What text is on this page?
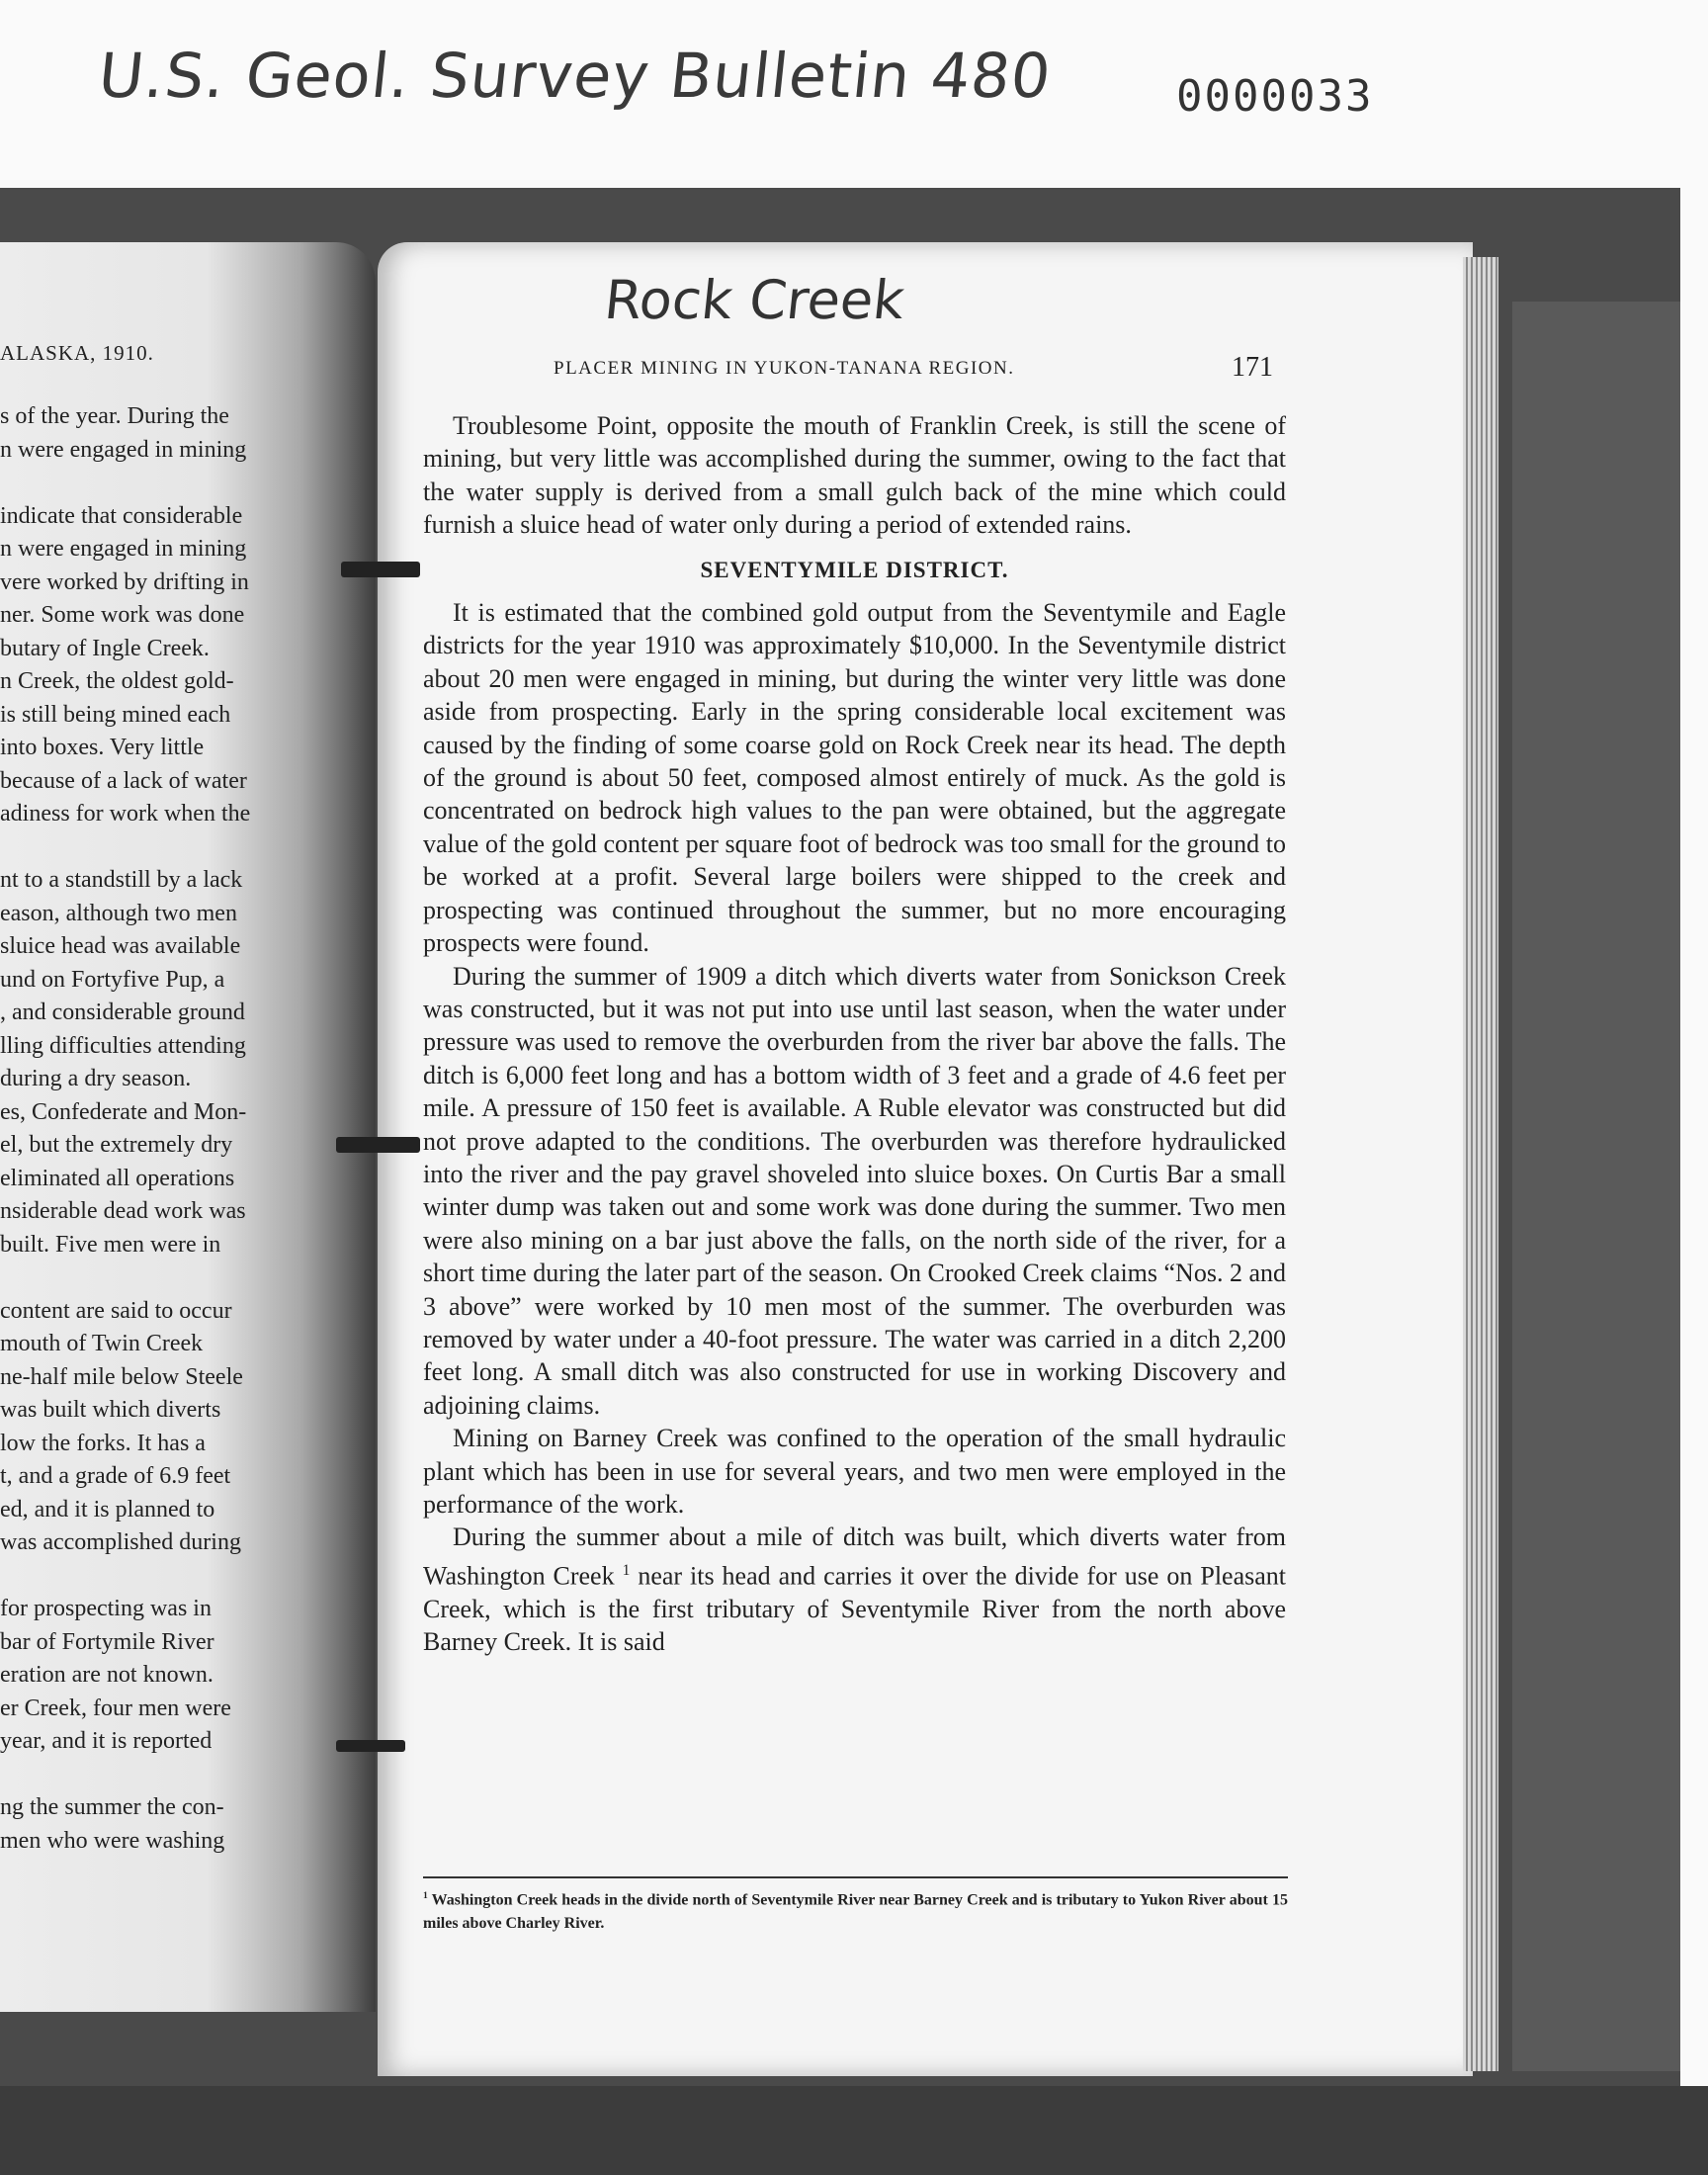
U.S. Geol. Survey Bulletin 480	0000033
ALASKA, 1910.
s of the year. During the
n were engaged in mining
indicate that considerable
n were engaged in mining
vere worked by drifting in
ner. Some work was done
butary of Ingle Creek.
n Creek, the oldest gold-
is still being mined each
into boxes. Very little
because of a lack of water
adiness for work when the
nt to a standstill by a lack
eason, although two men
sluice head was available
und on Fortyfive Pup, a
, and considerable ground
lling difficulties attending
during a dry season.
es, Confederate and Mon-
el, but the extremely dry
eliminated all operations
nsiderable dead work was
built. Five men were in
content are said to occur
mouth of Twin Creek
ne-half mile below Steele
was built which diverts
low the forks. It has a
t, and a grade of 6.9 feet
ed, and it is planned to
was accomplished during
for prospecting was in
bar of Fortymile River
eration are not known.
er Creek, four men were
year, and it is reported
ng the summer the con-
men who were washing
Rock Creek
PLACER MINING IN YUKON-TANANA REGION.	171

Troublesome Point, opposite the mouth of Franklin Creek, is still the scene of mining, but very little was accomplished during the summer, owing to the fact that the water supply is derived from a small gulch back of the mine which could furnish a sluice head of water only during a period of extended rains.

SEVENTYMILE DISTRICT.

It is estimated that the combined gold output from the Seventymile and Eagle districts for the year 1910 was approximately $10,000. In the Seventymile district about 20 men were engaged in mining, but during the winter very little was done aside from prospecting. Early in the spring considerable local excitement was caused by the finding of some coarse gold on Rock Creek near its head. The depth of the ground is about 50 feet, composed almost entirely of muck. As the gold is concentrated on bedrock high values to the pan were obtained, but the aggregate value of the gold content per square foot of bedrock was too small for the ground to be worked at a profit. Several large boilers were shipped to the creek and prospecting was continued throughout the summer, but no more encouraging prospects were found.

During the summer of 1909 a ditch which diverts water from Sonickson Creek was constructed, but it was not put into use until last season, when the water under pressure was used to remove the overburden from the river bar above the falls. The ditch is 6,000 feet long and has a bottom width of 3 feet and a grade of 4.6 feet per mile. A pressure of 150 feet is available. A Ruble elevator was constructed but did not prove adapted to the conditions. The overburden was therefore hydraulicked into the river and the pay gravel shoveled into sluice boxes. On Curtis Bar a small winter dump was taken out and some work was done during the summer. Two men were also mining on a bar just above the falls, on the north side of the river, for a short time during the later part of the season. On Crooked Creek claims “Nos. 2 and 3 above” were worked by 10 men most of the summer. The overburden was removed by water under a 40-foot pressure. The water was carried in a ditch 2,200 feet long. A small ditch was also constructed for use in working Discovery and adjoining claims.

Mining on Barney Creek was confined to the operation of the small hydraulic plant which has been in use for several years, and two men were employed in the performance of the work.

During the summer about a mile of ditch was built, which diverts water from Washington Creek $^1$ near its head and carries it over the divide for use on Pleasant Creek, which is the first tributary of Seventymile River from the north above Barney Creek. It is said

$^1$ Washington Creek heads in the divide north of Seventymile River near Barney Creek and is tributary to Yukon River about 15 miles above Charley River.
